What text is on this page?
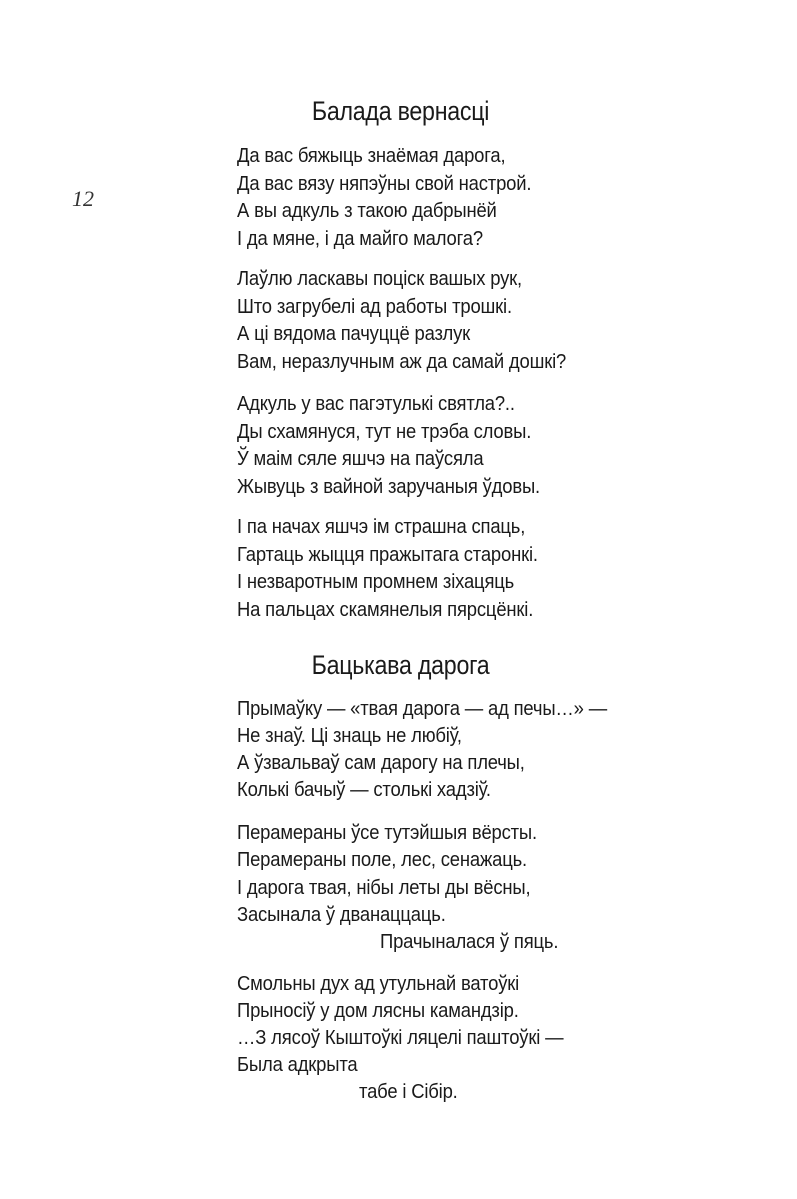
12
Балада вернасці
Да вас бяжыць знаёмая дарога,
Да вас вязу няпэўны свой настрой.
А вы адкуль з такою дабрынёй
І да мяне, і да майго малога?
Лаўлю ласкавы поціск вашых рук,
Што загрубелі ад работы трошкі.
А ці вядома пачуццё разлук
Вам, неразлучным аж да самай дошкі?
Адкуль у вас пагэтулькі святла?..
Ды схамянуся, тут не трэба словы.
Ў маім сяле яшчэ на паўсяла
Жывуць з вайной заручаныя ўдовы.
І па начах яшчэ ім страшна спаць,
Гартаць жыцця пражытага старонкі.
І незваротным промнем зіхацяць
На пальцах скамянелыя пярсцёнкі.
Бацькава дарога
Прымаўку — «твая дарога — ад печы…» —
Не знаў. Ці знаць не любіў,
А ўзвальваў сам дарогу на плечы,
Колькі бачыў — столькі хадзіў.
Перамераны ўсе тутэйшыя вёрсты.
Перамераны поле, лес, сенажаць.
І дарога твая, нібы леты ды вёсны,
Засынала ў дванаццаць.
Прачыналася ў пяць.
Смольны дух ад утульнай ватоўкі
Прыносіў у дом лясны камандзір.
…З лясоў Кыштоўкі ляцелі паштоўкі —
Была адкрыта
табе і Сібір.
